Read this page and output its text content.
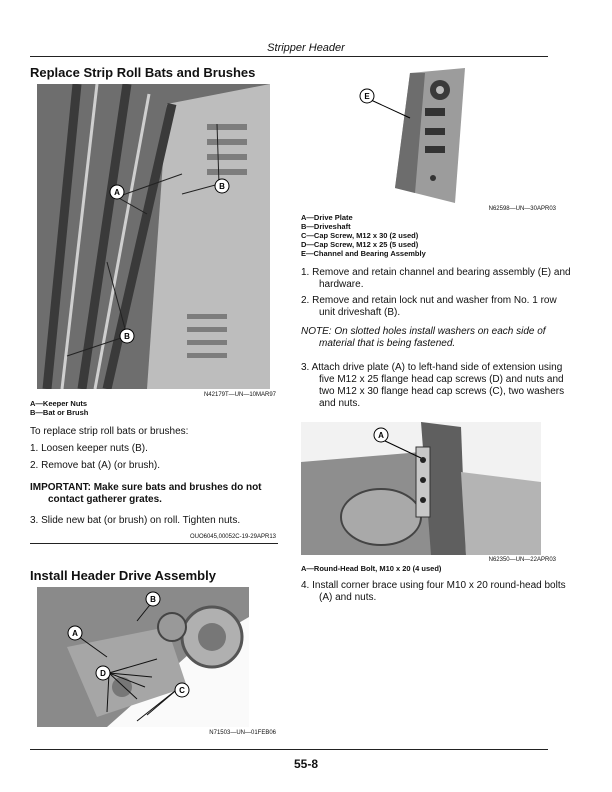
Stripper Header
Replace Strip Roll Bats and Brushes
A
B
B
N42179T—UN—10MAR97
A—Keeper Nuts
B—Bat or Brush
To replace strip roll bats or brushes:
1. Loosen keeper nuts (B).
2. Remove bat (A) (or brush).
IMPORTANT: Make sure bats and brushes do not contact gatherer grates.
3. Slide new bat (or brush) on roll. Tighten nuts.
OUO6045,00052C-19-29APR13
Install Header Drive Assembly
A
B
C
D
N71503—UN—01FEB06
E
N62598—UN—30APR03
A—Drive Plate
B—Driveshaft
C—Cap Screw, M12 x 30 (2 used)
D—Cap Screw, M12 x 25 (5 used)
E—Channel and Bearing Assembly
1. Remove and retain channel and bearing assembly (E) and hardware.
2. Remove and retain lock nut and washer from No. 1 row unit driveshaft (B).
NOTE: On slotted holes install washers on each side of material that is being fastened.
3. Attach drive plate (A) to left-hand side of extension using five M12 x 25 flange head cap screws (D) and nuts and two M12 x 30 flange head cap screws (C), two washers and nuts.
A
N62350—UN—22APR03
A—Round-Head Bolt, M10 x 20 (4 used)
4. Install corner brace using four M10 x 20 round-head bolts (A) and nuts.
55-8
